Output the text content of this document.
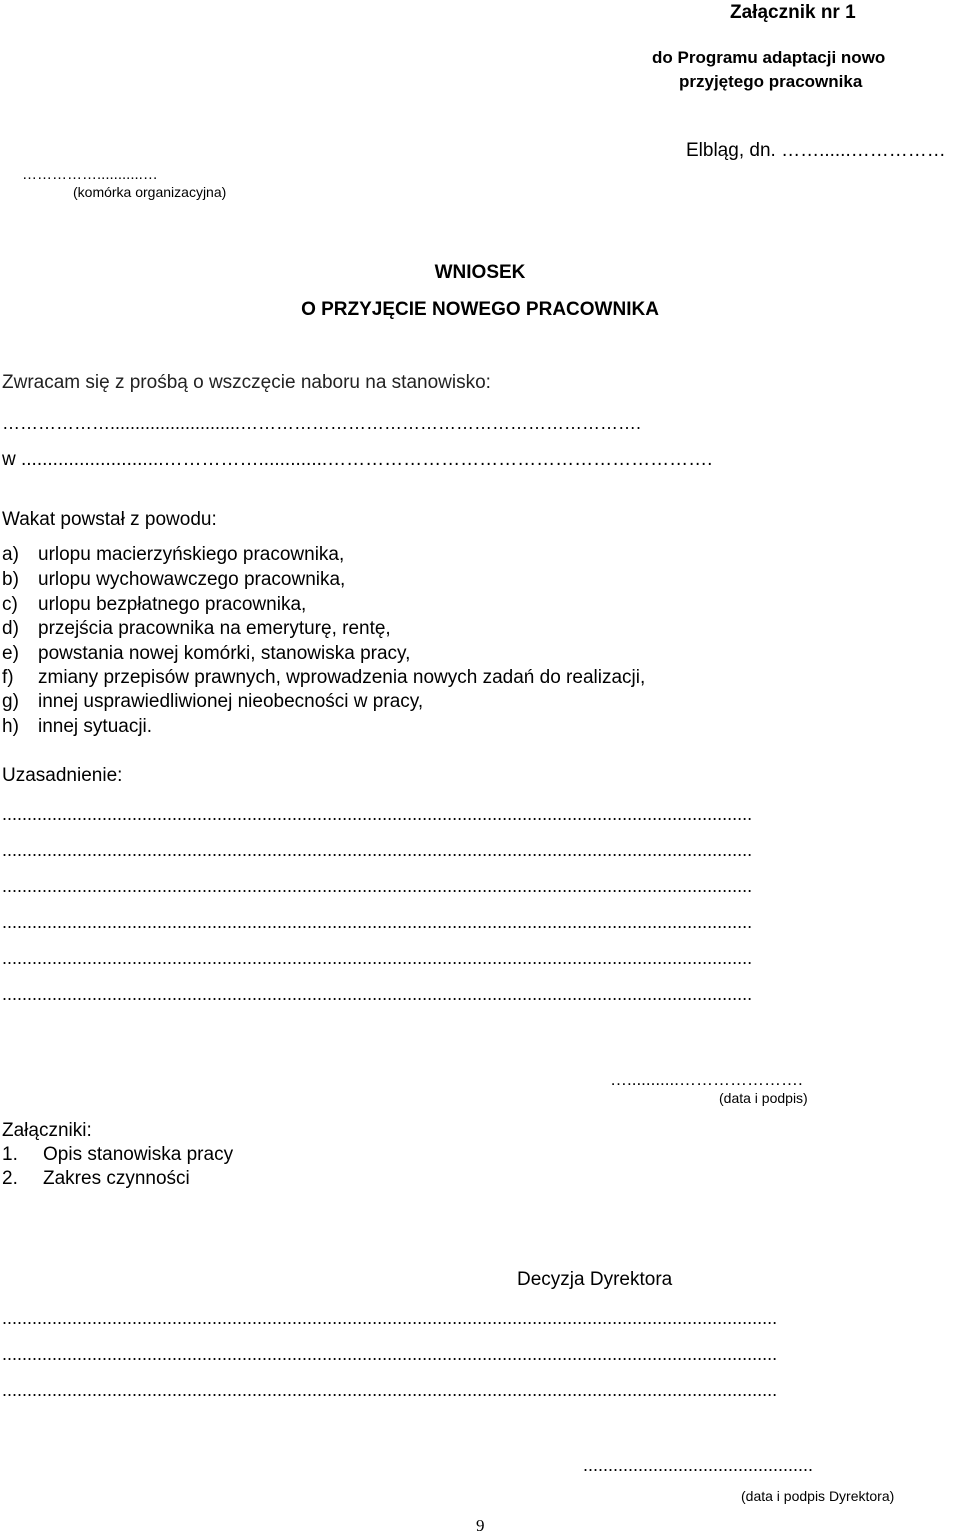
Załącznik nr 1
do Programu adaptacji nowo
przyjętego pracownika
Elbląg, dn. ……......……………
……………...........…
(komórka organizacyjna)
WNIOSEK
O PRZYJĘCIE NOWEGO PRACOWNIKA
Zwracam się z prośbą o wszczęcie naboru na stanowisko:
………………..........................………………………………………………………….
w ...........................…………….............…………………………………………………….
Wakat powstał z powodu:
a) urlopu macierzyńskiego pracownika,
b) urlopu wychowawczego pracownika,
c) urlopu bezpłatnego pracownika,
d) przejścia pracownika na emeryturę, rentę,
e) powstania nowej komórki, stanowiska pracy,
f) zmiany przepisów prawnych, wprowadzenia nowych zadań do realizacji,
g) innej usprawiedliwionej nieobecności w pracy,
h) innej sytuacji.
Uzasadnienie:
......................................................................................................................................................
......................................................................................................................................................
......................................................................................................................................................
......................................................................................................................................................
......................................................................................................................................................
......................................................................................................................................................
…...........………………….
(data i podpis)
Załączniki:
1. Opis stanowiska pracy
2. Zakres czynności
Decyzja Dyrektora
...........................................................................................................................................................
...........................................................................................................................................................
...........................................................................................................................................................
..............................................
(data i podpis Dyrektora)
9
